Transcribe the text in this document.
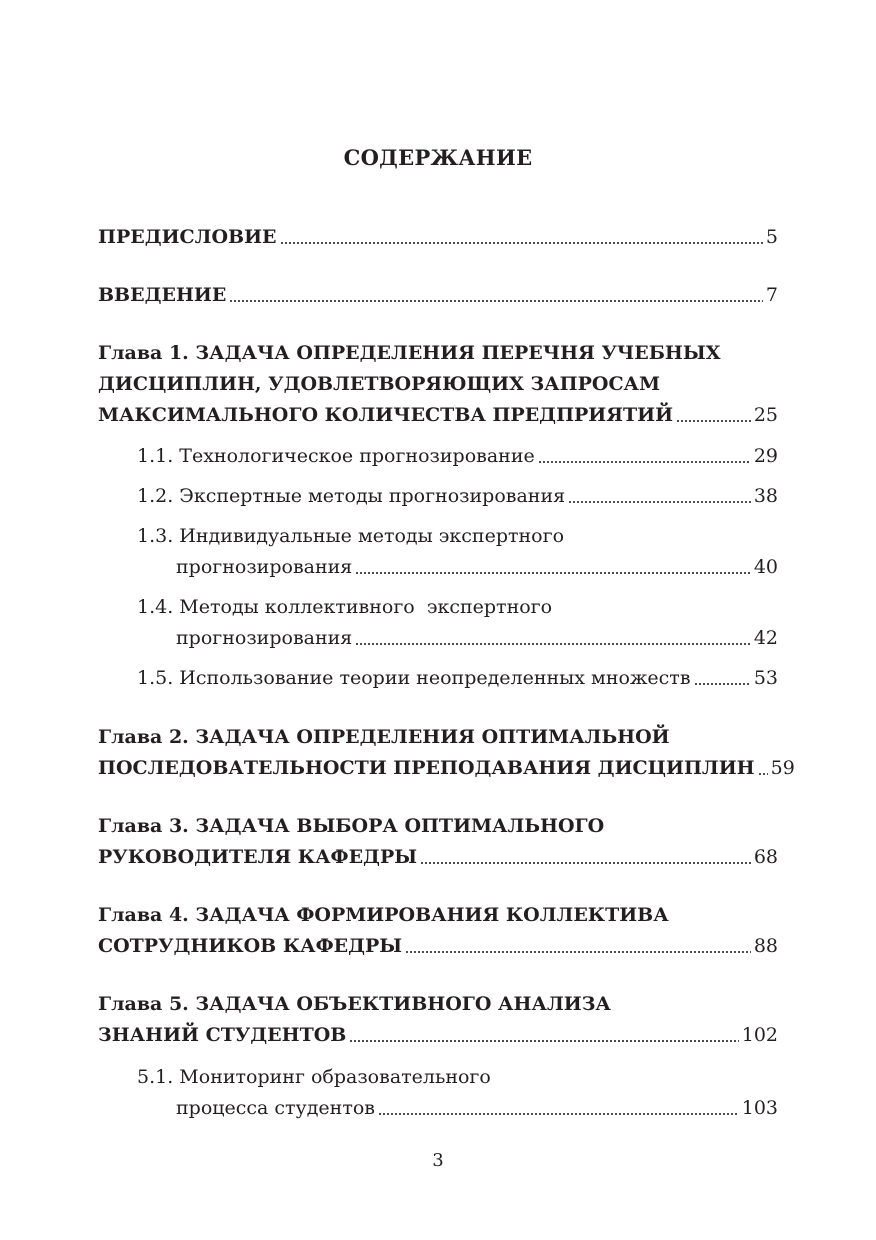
СОДЕРЖАНИЕ
ПРЕДИСЛОВИЕ	5
ВВЕДЕНИЕ	7
Глава 1. ЗАДАЧА ОПРЕДЕЛЕНИЯ ПЕРЕЧНЯ УЧЕБНЫХ
ДИСЦИПЛИН, УДОВЛЕТВОРЯЮЩИХ ЗАПРОСАМ
МАКСИМАЛЬНОГО КОЛИЧЕСТВА ПРЕДПРИЯТИЙ	25
1.1. Технологическое прогнозирование	29
1.2. Экспертные методы прогнозирования	38
1.3. Индивидуальные методы экспертного
прогнозирования	40
1.4. Методы коллективного  экспертного
прогнозирования	42
1.5. Использование теории неопределенных множеств	53
Глава 2. ЗАДАЧА ОПРЕДЕЛЕНИЯ ОПТИМАЛЬНОЙ
ПОСЛЕДОВАТЕЛЬНОСТИ ПРЕПОДАВАНИЯ ДИСЦИПЛИН 59
Глава 3. ЗАДАЧА ВЫБОРА ОПТИМАЛЬНОГО
РУКОВОДИТЕЛЯ КАФЕДРЫ	68
Глава 4. ЗАДАЧА ФОРМИРОВАНИЯ КОЛЛЕКТИВА
СОТРУДНИКОВ КАФЕДРЫ	88
Глава 5. ЗАДАЧА ОБЪЕКТИВНОГО АНАЛИЗА
ЗНАНИЙ СТУДЕНТОВ	102
5.1. Мониторинг образовательного
процесса студентов	103
3
